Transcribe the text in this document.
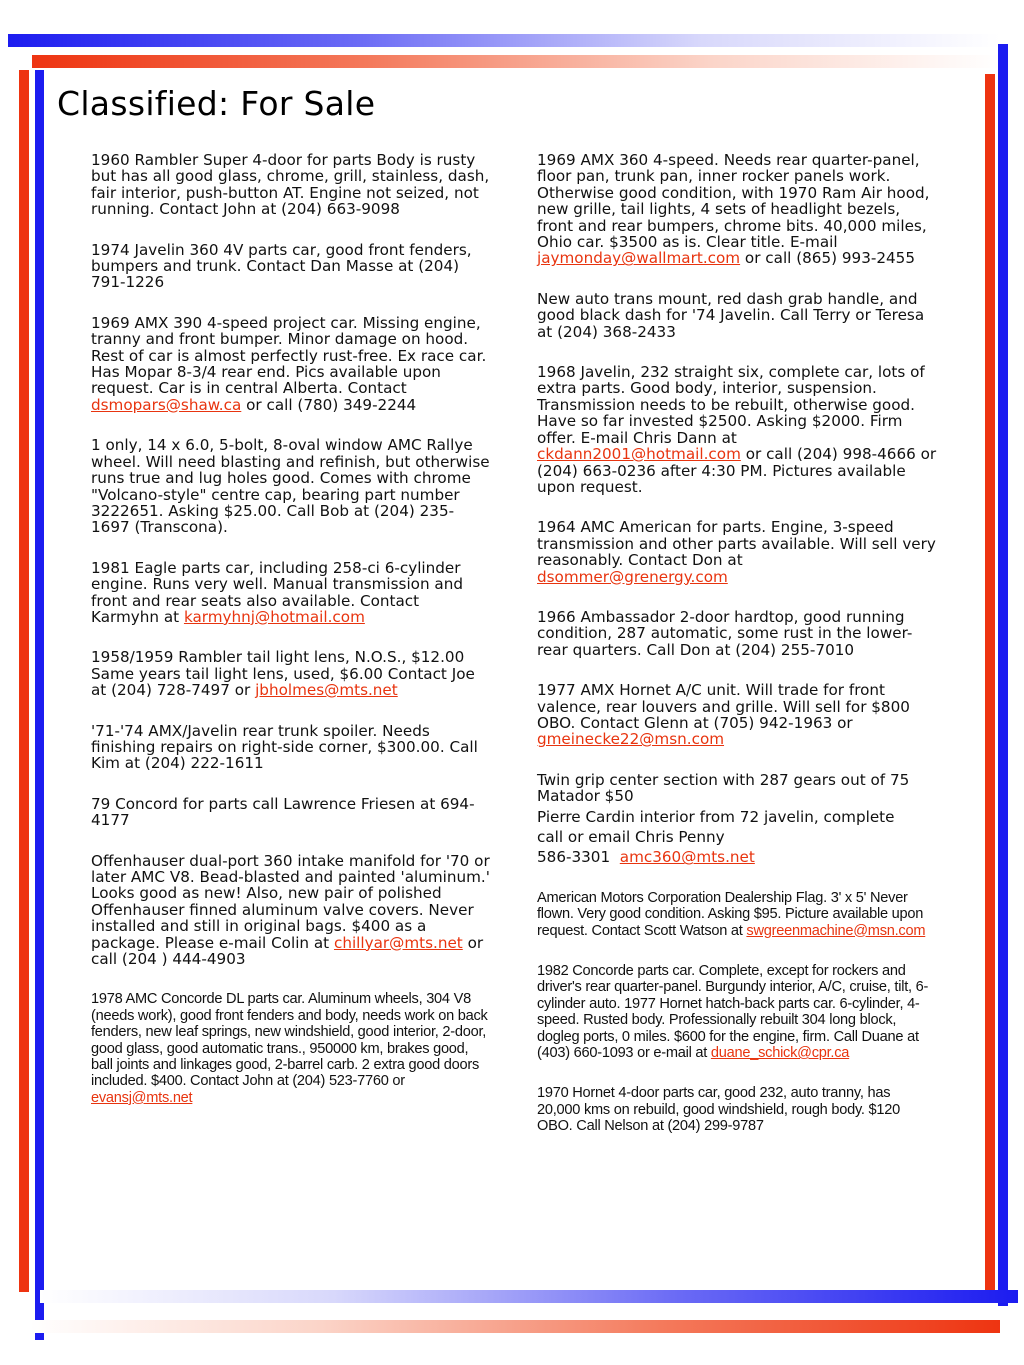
Classified: For Sale

1960 Rambler Super 4-door for parts Body is rusty but has all good glass, chrome, grill, stainless, dash, fair interior, push-button AT. Engine not seized, not running. Contact John at (204) 663-9098

1974 Javelin 360 4V parts car, good front fenders, bumpers and trunk. Contact Dan Masse at (204) 791-1226

1969 AMX 390 4-speed project car. Missing engine, tranny and front bumper. Minor damage on hood. Rest of car is almost perfectly rust-free. Ex race car. Has Mopar 8-3/4 rear end. Pics available upon request. Car is in central Alberta. Contact dsmopars@shaw.ca or call (780) 349-2244

1 only, 14 x 6.0, 5-bolt, 8-oval window AMC Rallye wheel. Will need blasting and refinish, but otherwise runs true and lug holes good. Comes with chrome "Volcano-style" centre cap, bearing part number 3222651. Asking $25.00. Call Bob at (204) 235-1697 (Transcona).

1981 Eagle parts car, including 258-ci 6-cylinder engine. Runs very well. Manual transmission and front and rear seats also available. Contact Karmyhn at karmyhnj@hotmail.com

1958/1959 Rambler tail light lens, N.O.S., $12.00 Same years tail light lens, used, $6.00 Contact Joe at (204) 728-7497 or jbholmes@mts.net

'71-'74 AMX/Javelin rear trunk spoiler. Needs finishing repairs on right-side corner, $300.00. Call Kim at (204) 222-1611

79 Concord for parts call Lawrence Friesen at 694-4177

Offenhauser dual-port 360 intake manifold for '70 or later AMC V8. Bead-blasted and painted 'aluminum.' Looks good as new! Also, new pair of polished Offenhauser finned aluminum valve covers. Never installed and still in original bags. $400 as a package. Please e-mail Colin at chillyar@mts.net or call (204 ) 444-4903

1978 AMC Concorde DL parts car. Aluminum wheels, 304 V8 (needs work), good front fenders and body, needs work on back fenders, new leaf springs, new windshield, good interior, 2-door, good glass, good automatic trans., 950000 km, brakes good, ball joints and linkages good, 2-barrel carb. 2 extra good doors included. $400. Contact John at (204) 523-7760 or evansj@mts.net

1969 AMX 360 4-speed. Needs rear quarter-panel, floor pan, trunk pan, inner rocker panels work. Otherwise good condition, with 1970 Ram Air hood, new grille, tail lights, 4 sets of headlight bezels, front and rear bumpers, chrome bits. 40,000 miles, Ohio car. $3500 as is. Clear title. E-mail jaymonday@wallmart.com or call (865) 993-2455

New auto trans mount, red dash grab handle, and good black dash for '74 Javelin. Call Terry or Teresa at (204) 368-2433

1968 Javelin, 232 straight six, complete car, lots of extra parts. Good body, interior, suspension. Transmission needs to be rebuilt, otherwise good. Have so far invested $2500. Asking $2000. Firm offer. E-mail Chris Dann at ckdann2001@hotmail.com or call (204) 998-4666 or (204) 663-0236 after 4:30 PM. Pictures available upon request.

1964 AMC American for parts. Engine, 3-speed transmission and other parts available. Will sell very reasonably. Contact Don at dsommer@grenergy.com

1966 Ambassador 2-door hardtop, good running condition, 287 automatic, some rust in the lower-rear quarters. Call Don at (204) 255-7010

1977 AMX Hornet A/C unit. Will trade for front valence, rear louvers and grille. Will sell for $800 OBO. Contact Glenn at (705) 942-1963 or gmeinecke22@msn.com

Twin grip center section with 287 gears out of 75 Matador $50

Pierre Cardin interior from 72 javelin, complete

call or email Chris Penny

586-3301  amc360@mts.net

American Motors Corporation Dealership Flag. 3' x 5' Never flown. Very good condition. Asking $95. Picture available upon request. Contact Scott Watson at swgreenmachine@msn.com

1982 Concorde parts car. Complete, except for rockers and driver's rear quarter-panel. Burgundy interior, A/C, cruise, tilt, 6-cylinder auto. 1977 Hornet hatch-back parts car. 6-cylinder, 4-speed. Rusted body. Professionally rebuilt 304 long block, dogleg ports, 0 miles. $600 for the engine, firm. Call Duane at (403) 660-1093 or e-mail at duane_schick@cpr.ca

1970 Hornet 4-door parts car, good 232, auto tranny, has 20,000 kms on rebuild, good windshield, rough body. $120 OBO. Call Nelson at (204) 299-9787
